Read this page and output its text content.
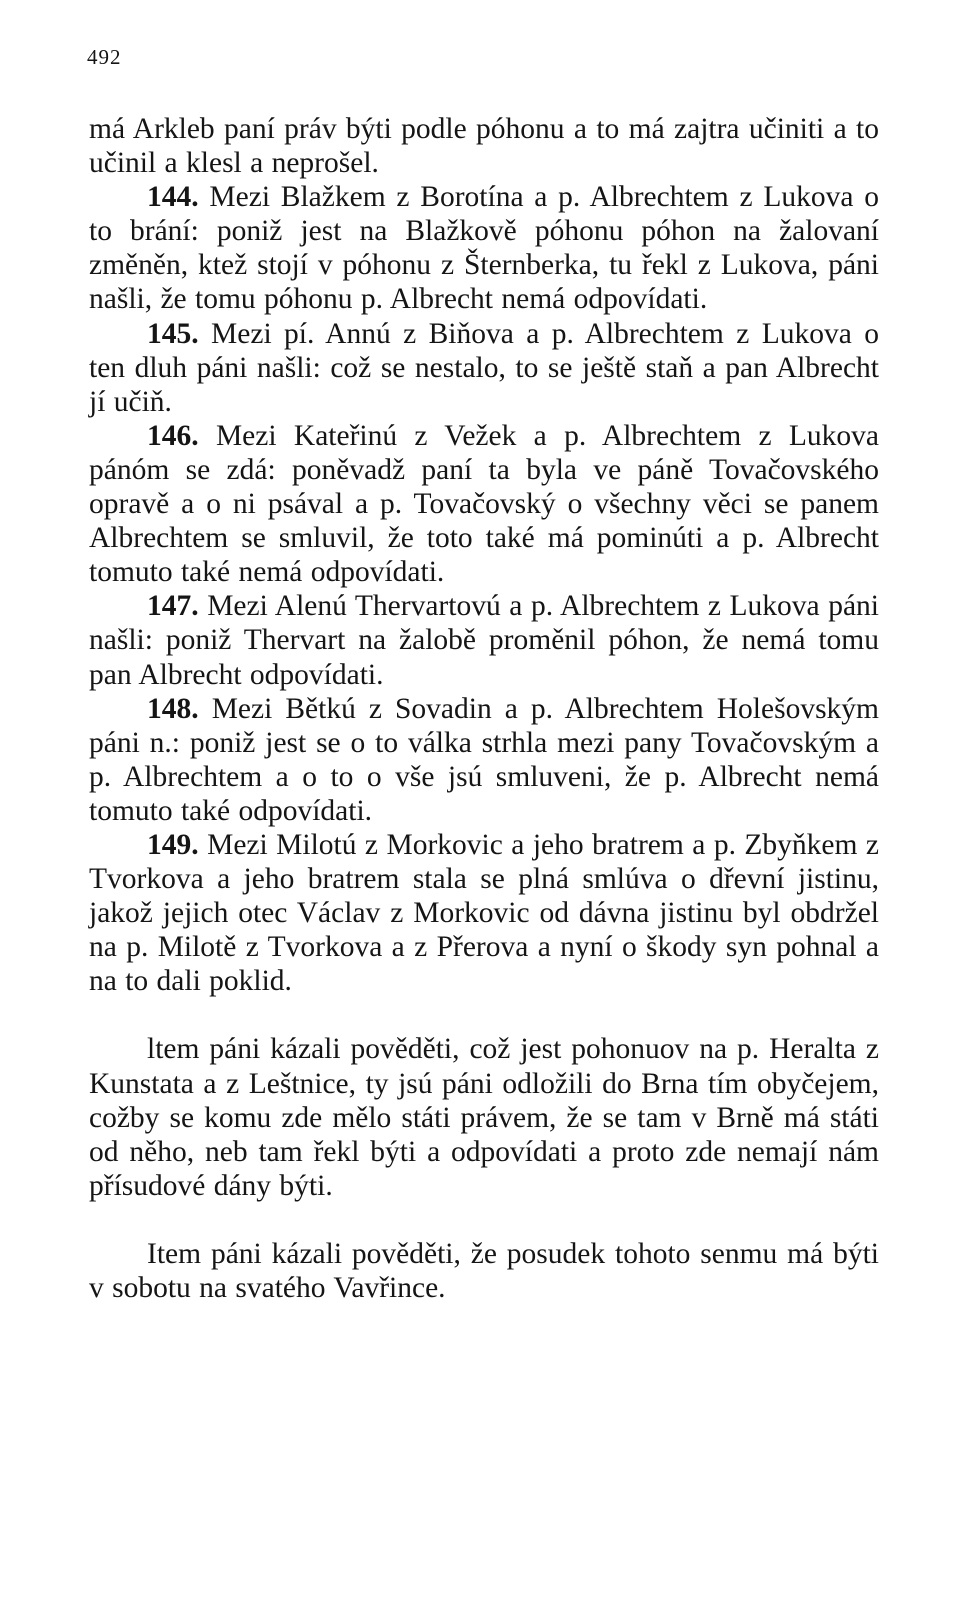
492

má Arkleb paní práv býti podle póhonu a to má zajtra učiniti a to učinil a klesl a neprošel.

144. Mezi Blažkem z Borotína a p. Albrechtem z Lukova o to brání: poniž jest na Blažkově póhonu póhon na žalovaní změněn, ktež stojí v póhonu z Šternberka, tu řekl z Lukova, páni našli, že tomu póhonu p. Albrecht nemá odpovídati.

145. Mezi pí. Annú z Biňova a p. Albrechtem z Lukova o ten dluh páni našli: což se nestalo, to se ještě staň a pan Albrecht jí učiň.

146. Mezi Kateřinú z Vežek a p. Albrechtem z Lukova pánóm se zdá: poněvadž paní ta byla ve páně Tovačovského opravě a o ni psával a p. Tovačovský o všechny věci se panem Albrechtem se smluvil, že toto také má pominúti a p. Albrecht tomuto také nemá odpovídati.

147. Mezi Alenú Thervartovú a p. Albrechtem z Lukova páni našli: poniž Thervart na žalobě proměnil póhon, že nemá tomu pan Albrecht odpovídati.

148. Mezi Bětkú z Sovadin a p. Albrechtem Holešovským páni n.: poniž jest se o to válka strhla mezi pany Tovačovským a p. Albrechtem a o to o vše jsú smluveni, že p. Albrecht nemá tomuto také odpovídati.

149. Mezi Milotú z Morkovic a jeho bratrem a p. Zbyňkem z Tvorkova a jeho bratrem stala se plná smlúva o dřevní jistinu, jakož jejich otec Václav z Morkovic od dávna jistinu byl obdržel na p. Milotě z Tvorkova a z Přerova a nyní o škody syn pohnal a na to dali poklid.

ltem páni kázali pověděti, což jest pohonuov na p. Heralta z Kunstata a z Leštnice, ty jsú páni odložili do Brna tím obyčejem, cožby se komu zde mělo státi právem, že se tam v Brně má státi od něho, neb tam řekl býti a odpovídati a proto zde nemají nám přísudové dány býti.

Item páni kázali pověděti, že posudek tohoto senmu má býti v sobotu na svatého Vavřince.
